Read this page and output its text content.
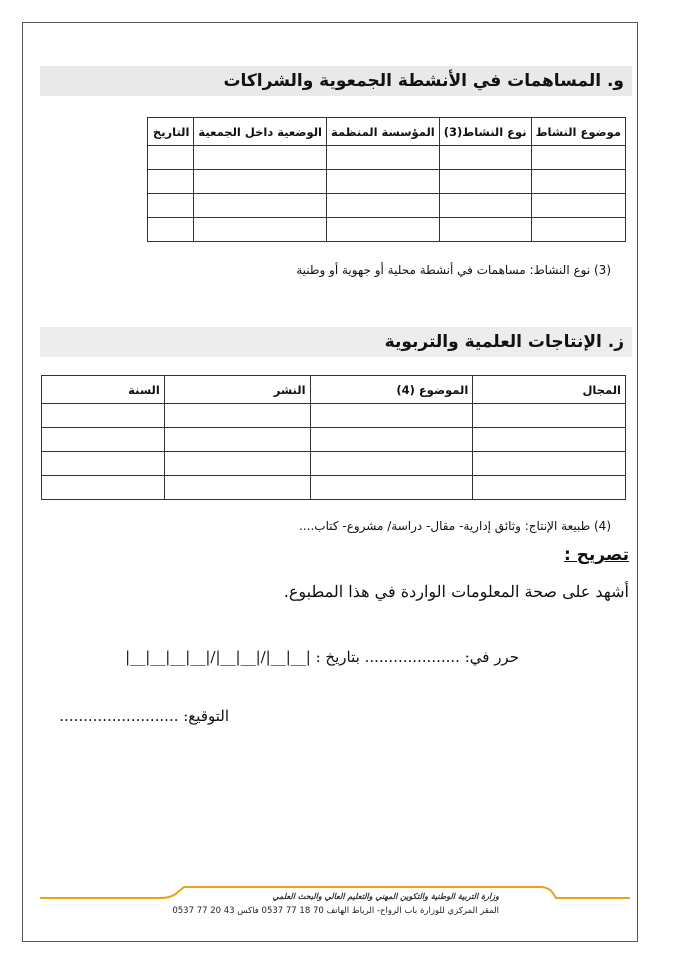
و. المساهمات في الأنشطة الجمعوية والشراكات
موضوع النشاط	نوع النشاط(3)	المؤسسة المنظمة	الوضعية داخل الجمعية	التاريخ

(3) نوع النشاط: مساهمات في أنشطة محلية أو جهوية أو وطنية
ز. الإنتاجات العلمية والتربوية
المجال	الموضوع (4)	النشر	السنة

(4) طبيعة الإنتاج: وثائق إدارية- مقال- دراسة/ مشروع- كتاب....
تصريح :
أشهد على صحة المعلومات الواردة في هذا المطبوع.
حرر في: .................... بتاريخ : |__|__|/|__|__|/|__|__|__|__|
التوقيع: .........................
وزارة التربية الوطنية والتكوين المهني والتعليم العالي والبحث العلمي
المقر المركزي للوزارة باب الرواح- الرباط الهاتف 70 18 77 0537 فاكس 43 20 77 0537
